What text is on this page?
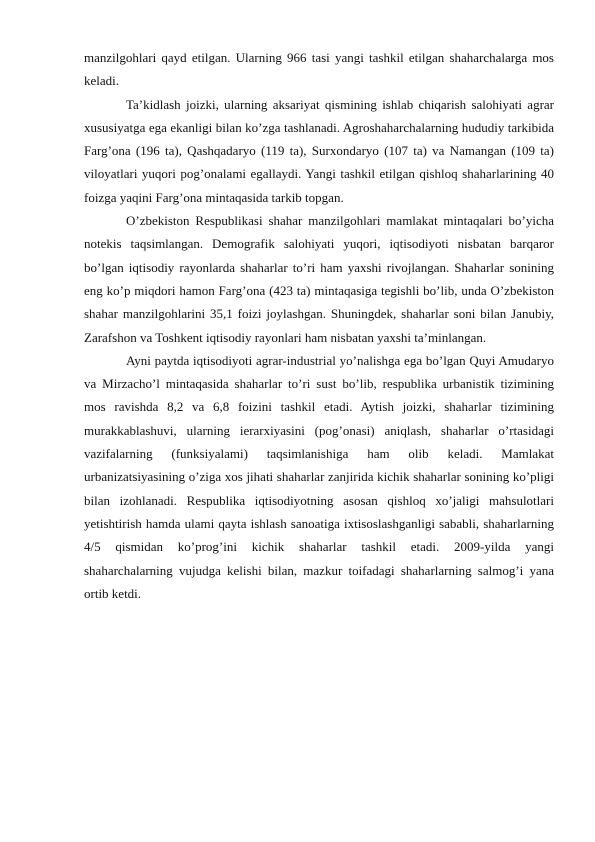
manzilgohlari qayd etilgan. Ularning 966 tasi yangi tashkil etilgan shaharchalarga mos keladi.

Ta’kidlash joizki, ularning aksariyat qismining ishlab chiqarish salohiyati agrar xususiyatga ega ekanligi bilan ko’zga tashlanadi. Agroshaharchalarning hududiy tarkibida Farg’ona (196 ta), Qashqadaryo (119 ta), Surxondaryo (107 ta) va Namangan (109 ta) viloyatlari yuqori pog’onalami egallaydi. Yangi tashkil etilgan qishloq shaharlarining 40 foizga yaqini Farg’ona mintaqasida tarkib topgan.

O’zbekiston Respublikasi shahar manzilgohlari mamlakat mintaqalari bo’yicha notekis taqsimlangan. Demografik salohiyati yuqori, iqtisodiyoti nisbatan barqaror bo’lgan iqtisodiy rayonlarda shaharlar to’ri ham yaxshi rivojlangan. Shaharlar sonining eng ko’p miqdori hamon Farg’ona (423 ta) mintaqasiga tegishli bo’lib, unda O’zbekiston shahar manzilgohlarini 35,1 foizi joylashgan. Shuningdek, shaharlar soni bilan Janubiy, Zarafshon va Toshkent iqtisodiy rayonlari ham nisbatan yaxshi ta’minlangan.

Ayni paytda iqtisodiyoti agrar-industrial yo’nalishga ega bo’lgan Quyi Amudaryo va Mirzacho’l mintaqasida shaharlar to’ri sust bo’lib, respublika urbanistik tizimining mos ravishda 8,2 va 6,8 foizini tashkil etadi. Aytish joizki, shaharlar tizimining murakkablashuvi, ularning ierarxiyasini (pog’onasi) aniqlash, shaharlar o’rtasidagi vazifalarning (funksiyalami) taqsimlanishiga ham olib keladi. Mamlakat urbanizatsiyasining o’ziga xos jihati shaharlar zanjirida kichik shaharlar sonining ko’pligi bilan izohlanadi. Respublika iqtisodiyotning asosan qishloq xo’jaligi mahsulotlari yetishtirish hamda ulami qayta ishlash sanoatiga ixtisoslashganligi sababli, shaharlarning 4/5 qismidan ko’prog’ini kichik shaharlar tashkil etadi. 2009-yilda yangi shaharchalarning vujudga kelishi bilan, mazkur toifadagi shaharlarning salmog’i yana ortib ketdi.
